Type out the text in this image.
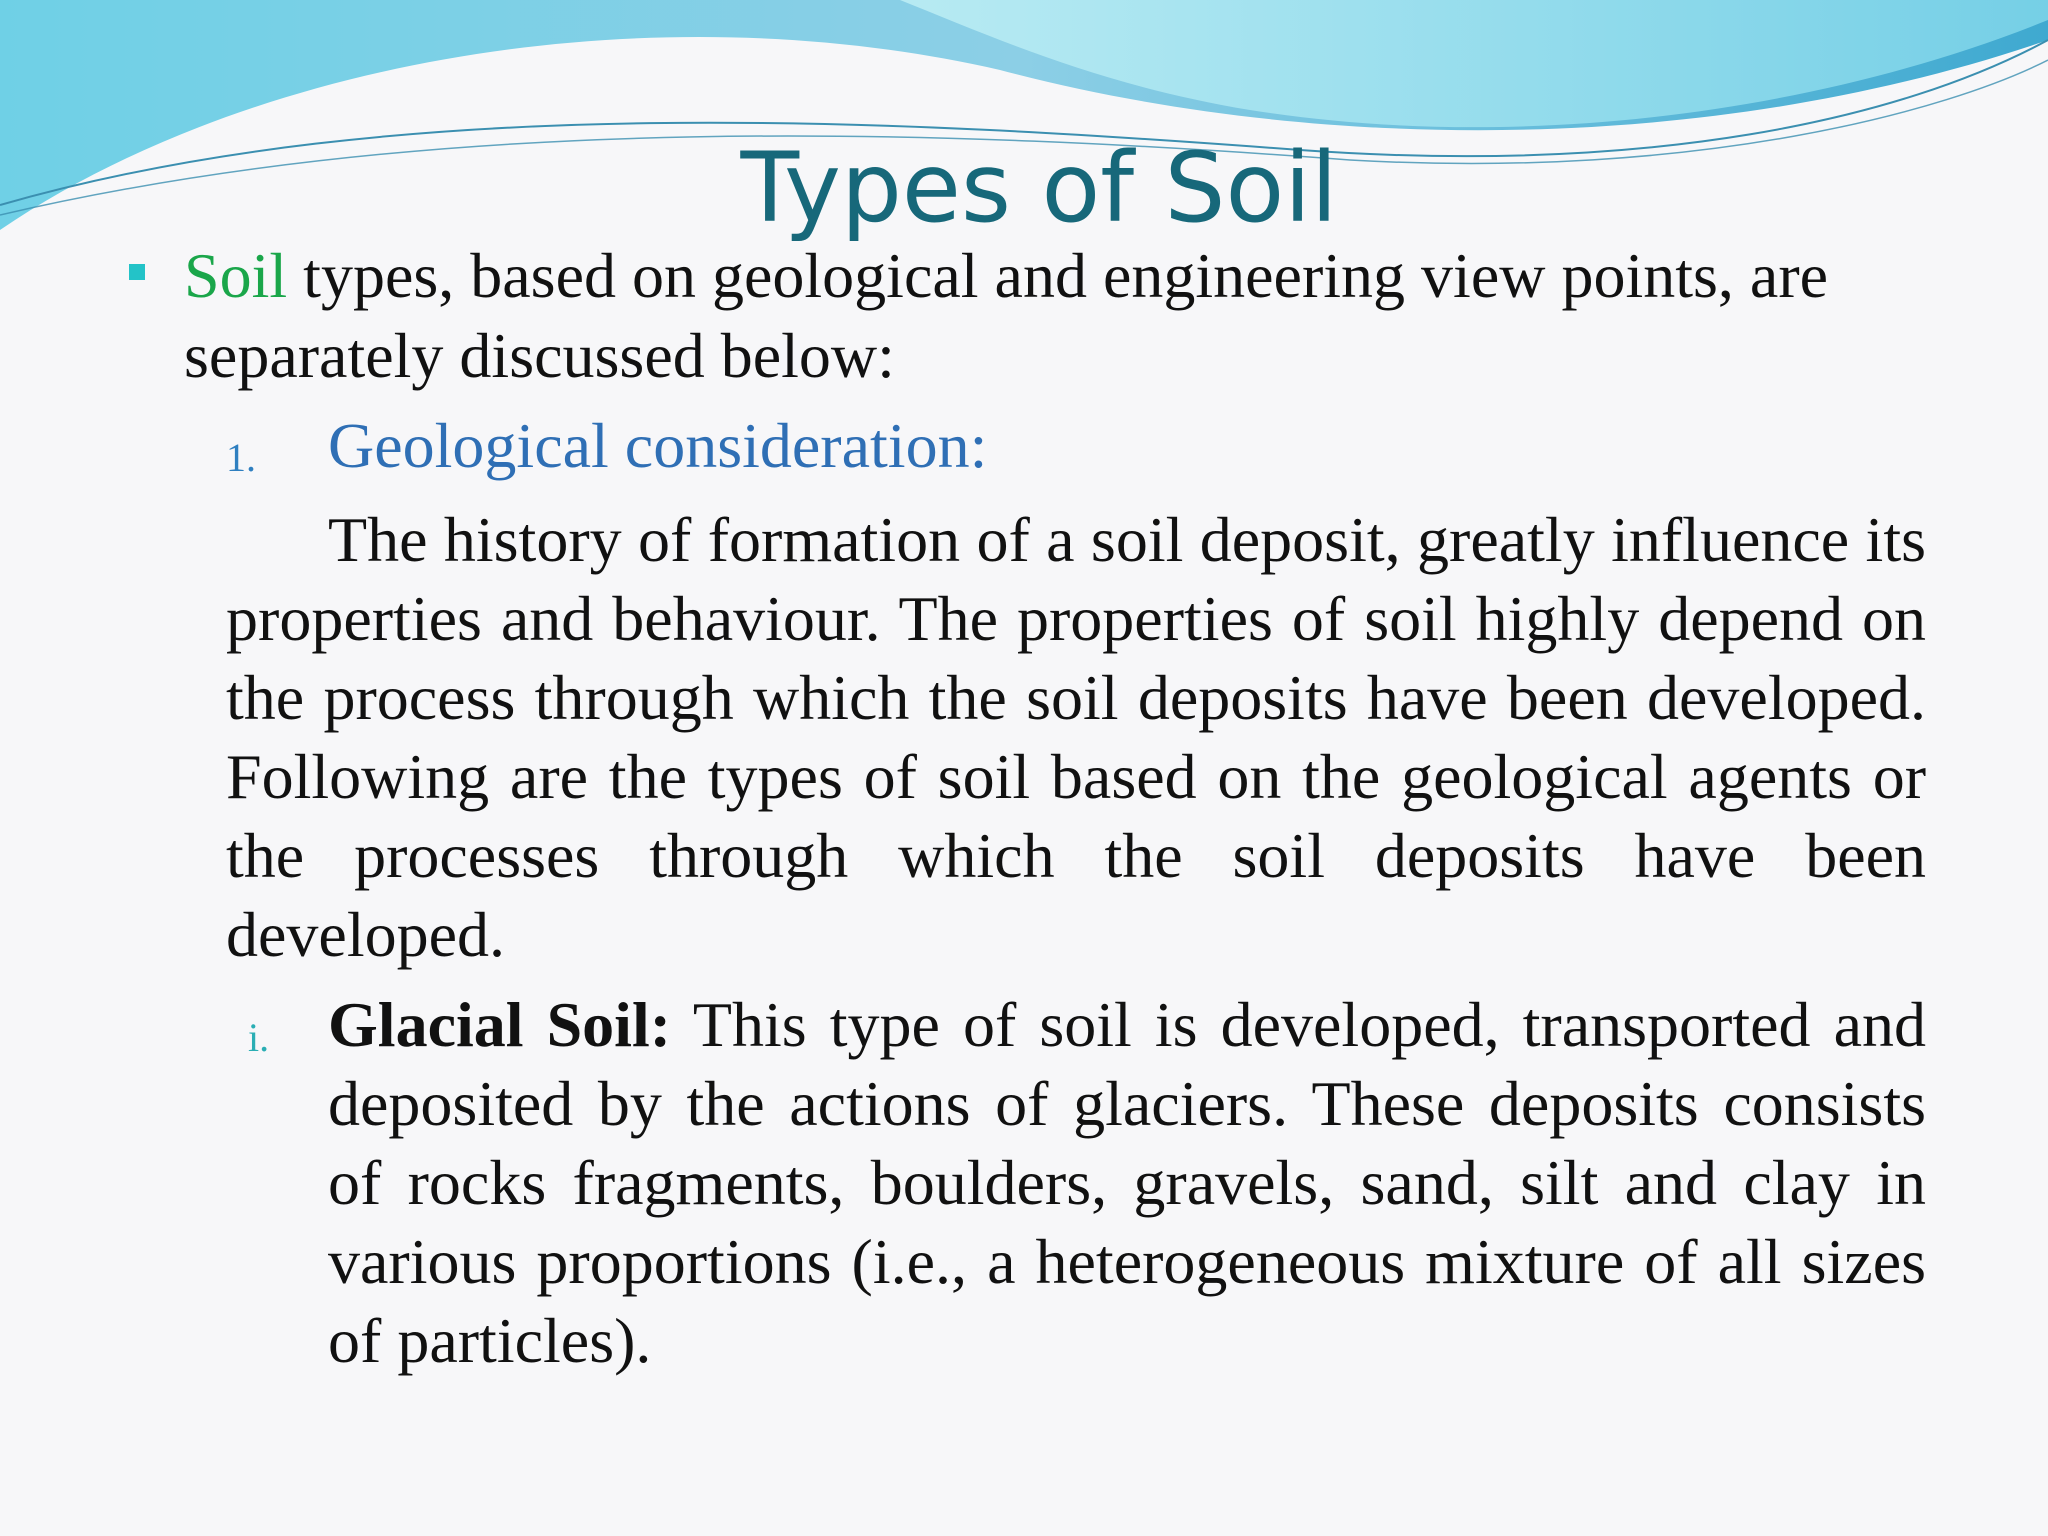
Types of Soil
Soil types, based on geological and engineering view points, are separately discussed below:
1. Geological consideration:
The history of formation of a soil deposit, greatly influence its properties and behaviour. The properties of soil highly depend on the process through which the soil deposits have been developed. Following are the types of soil based on the geological agents or the processes through which the soil deposits have been developed.
i. Glacial Soil: This type of soil is developed, transported and deposited by the actions of glaciers. These deposits consists of rocks fragments, boulders, gravels, sand, silt and clay in various proportions (i.e., a heterogeneous mixture of all sizes of particles).
